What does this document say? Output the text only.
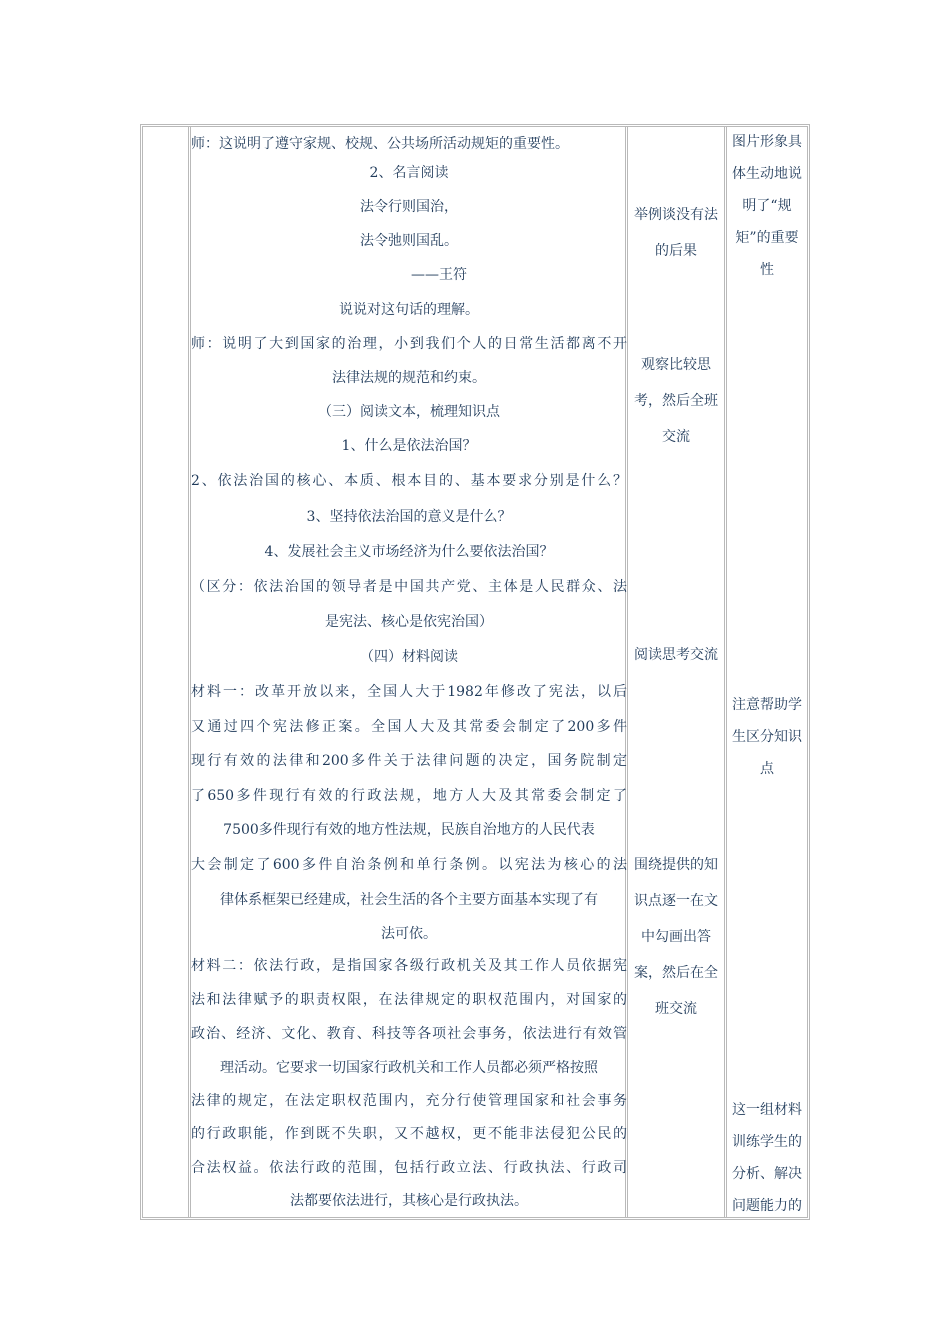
师：这说明了遵守家规、校规、公共场所活动规矩的重要性。
2、名言阅读
法令行则国治，
法令弛则国乱。
——王符
说说对这句话的理解。
师：说明了大到国家的治理，小到我们个人的日常生活都离不开
法律法规的规范和约束。
（三）阅读文本，梳理知识点
1、什么是依法治国？
2、依法治国的核心、本质、根本目的、基本要求分别是什么？
3、坚持依法治国的意义是什么？
4、发展社会主义市场经济为什么要依法治国？
（区分：依法治国的领导者是中国共产党、主体是人民群众、法
是宪法、核心是依宪治国）
（四）材料阅读
材料一：改革开放以来，全国人大于1982年修改了宪法，以后
又通过四个宪法修正案。全国人大及其常委会制定了200多件
现行有效的法律和200多件关于法律问题的决定，国务院制定
了650多件现行有效的行政法规，地方人大及其常委会制定了
7500多件现行有效的地方性法规，民族自治地方的人民代表
大会制定了600多件自治条例和单行条例。以宪法为核心的法
律体系框架已经建成，社会生活的各个主要方面基本实现了有
法可依。
材料二：依法行政，是指国家各级行政机关及其工作人员依据宪
法和法律赋予的职责权限，在法律规定的职权范围内，对国家的
政治、经济、文化、教育、科技等各项社会事务，依法进行有效管
理活动。它要求一切国家行政机关和工作人员都必须严格按照
法律的规定，在法定职权范围内，充分行使管理国家和社会事务
的行政职能，作到既不失职，又不越权，更不能非法侵犯公民的
合法权益。依法行政的范围，包括行政立法、行政执法、行政司
法都要依法进行，其核心是行政执法。
举例谈没有法
的后果
观察比较思
考，然后全班
交流
阅读思考交流
围绕提供的知
识点逐一在文
中勾画出答
案，然后在全
班交流
图片形象具
体生动地说
明了“规
矩”的重要
性
注意帮助学
生区分知识
点
这一组材料
训练学生的
分析、解决
问题能力的
